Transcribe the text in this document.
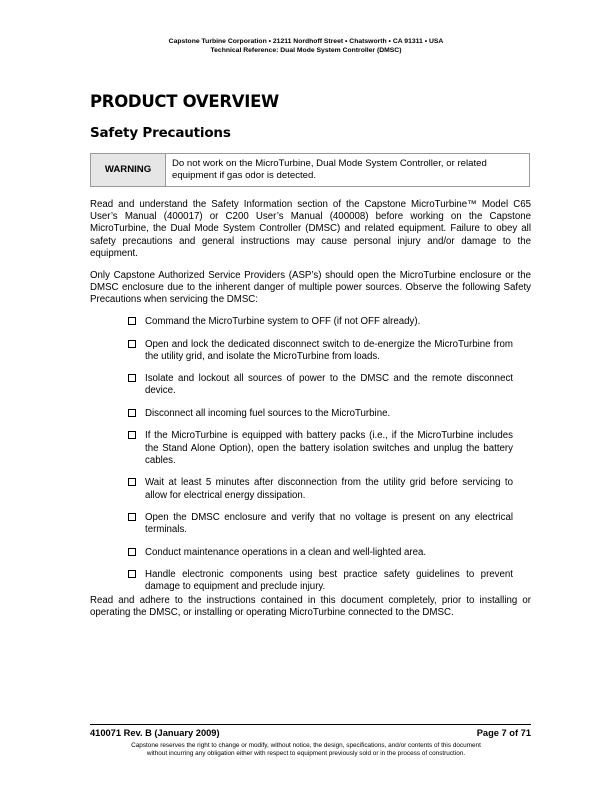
Capstone Turbine Corporation • 21211 Nordhoff Street • Chatsworth • CA 91311 • USA
Technical Reference: Dual Mode System Controller (DMSC)
PRODUCT OVERVIEW
Safety Precautions
WARNING	Do not work on the MicroTurbine, Dual Mode System Controller, or related equipment if gas odor is detected.

Read and understand the Safety Information section of the Capstone MicroTurbine™ Model C65 User’s Manual (400017) or C200 User’s Manual (400008) before working on the Capstone MicroTurbine, the Dual Mode System Controller (DMSC) and related equipment. Failure to obey all safety precautions and general instructions may cause personal injury and/or damage to the equipment.

Only Capstone Authorized Service Providers (ASP’s) should open the MicroTurbine enclosure or the DMSC enclosure due to the inherent danger of multiple power sources. Observe the following Safety Precautions when servicing the DMSC:

Command the MicroTurbine system to OFF (if not OFF already).
Open and lock the dedicated disconnect switch to de-energize the MicroTurbine from the utility grid, and isolate the MicroTurbine from loads.
Isolate and lockout all sources of power to the DMSC and the remote disconnect device.
Disconnect all incoming fuel sources to the MicroTurbine.
If the MicroTurbine is equipped with battery packs (i.e., if the MicroTurbine includes the Stand Alone Option), open the battery isolation switches and unplug the battery cables.
Wait at least 5 minutes after disconnection from the utility grid before servicing to allow for electrical energy dissipation.
Open the DMSC enclosure and verify that no voltage is present on any electrical terminals.
Conduct maintenance operations in a clean and well-lighted area.
Handle electronic components using best practice safety guidelines to prevent damage to equipment and preclude injury.

Read and adhere to the instructions contained in this document completely, prior to installing or operating the DMSC, or installing or operating MicroTurbine connected to the DMSC.

410071 Rev. B (January 2009)	Page 7 of 71
Capstone reserves the right to change or modify, without notice, the design, specifications, and/or contents of this document
without incurring any obligation either with respect to equipment previously sold or in the process of construction.
